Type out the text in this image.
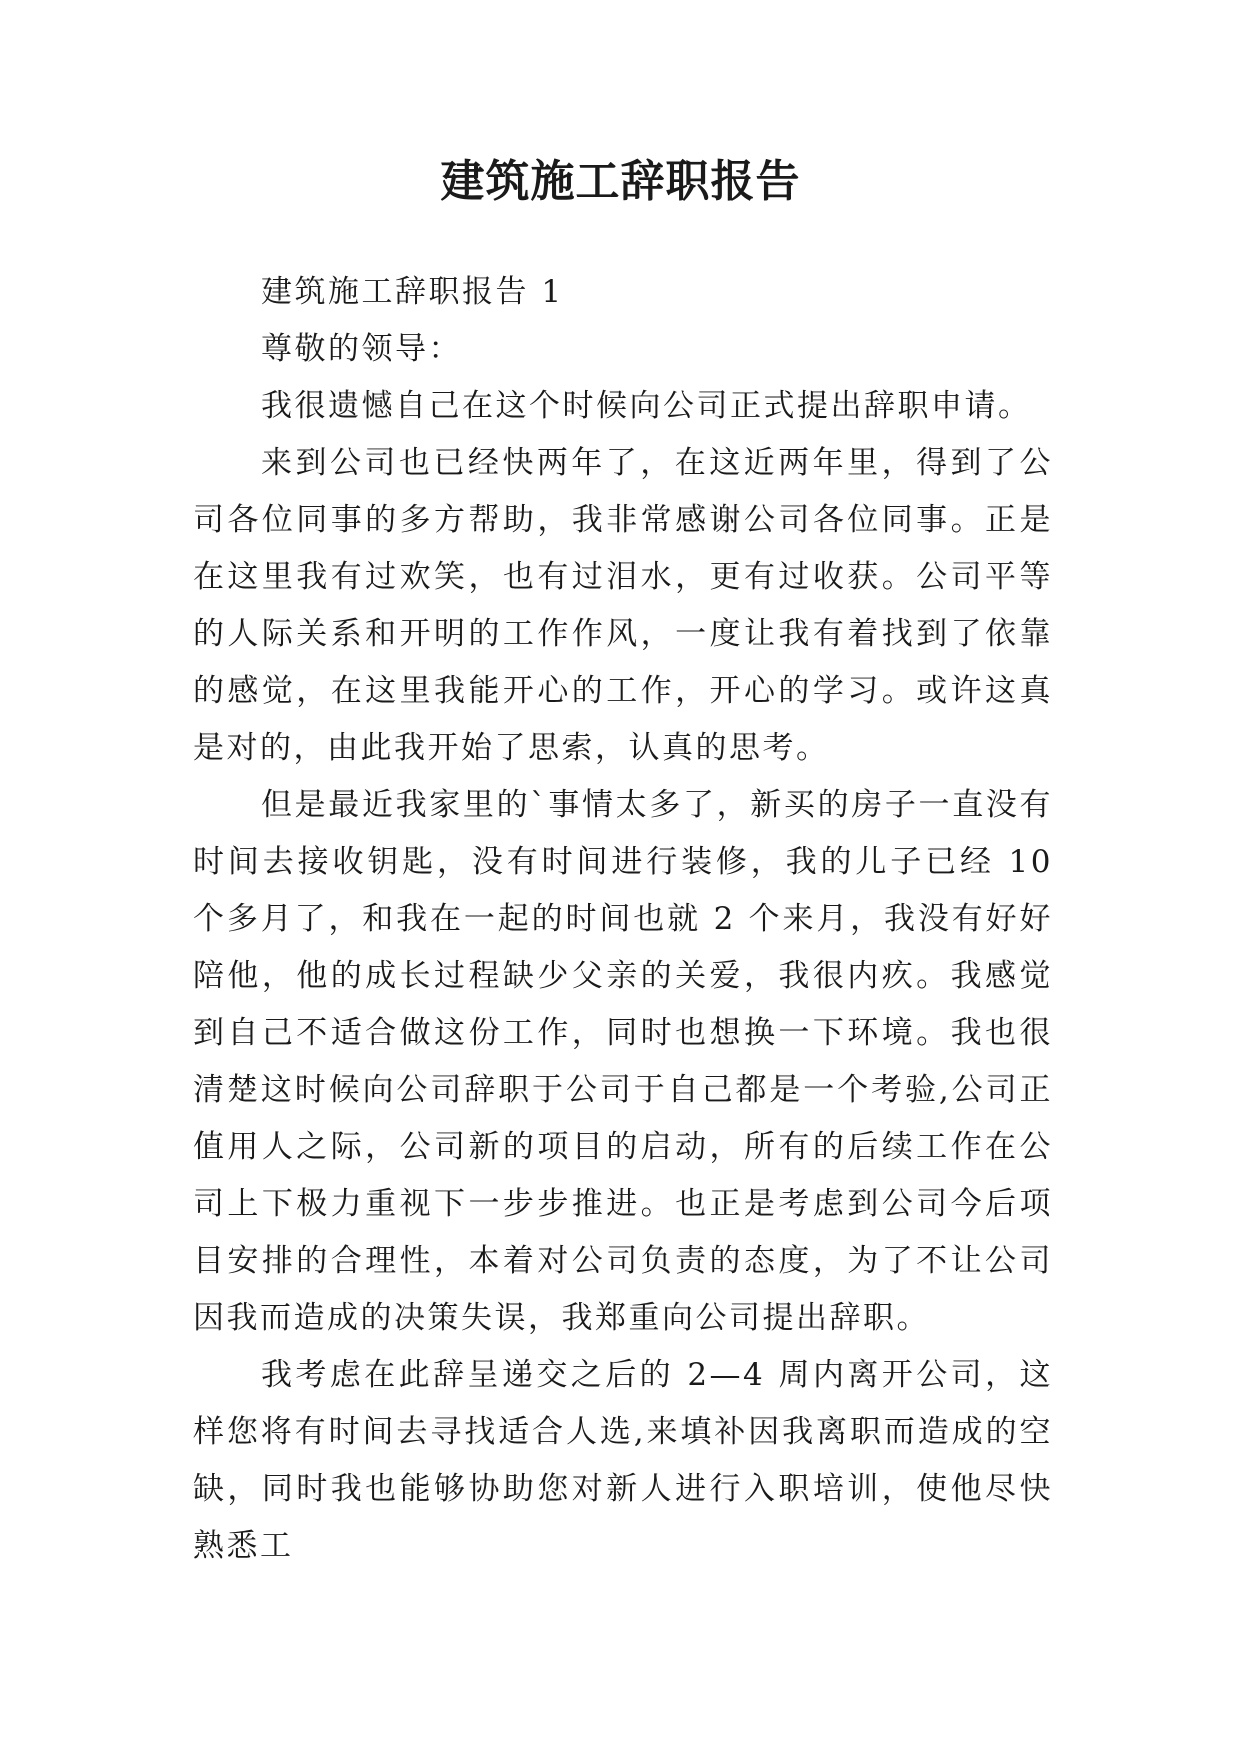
建筑施工辞职报告

建筑施工辞职报告 1

尊敬的领导：

我很遗憾自己在这个时候向公司正式提出辞职申请。

来到公司也已经快两年了，在这近两年里，得到了公司各位同事的多方帮助，我非常感谢公司各位同事。正是在这里我有过欢笑，也有过泪水，更有过收获。公司平等的人际关系和开明的工作作风，一度让我有着找到了依靠的感觉，在这里我能开心的工作，开心的学习。或许这真是对的，由此我开始了思索，认真的思考。

但是最近我家里的`事情太多了，新买的房子一直没有时间去接收钥匙，没有时间进行装修，我的儿子已经 10 个多月了，和我在一起的时间也就 2 个来月，我没有好好陪他，他的成长过程缺少父亲的关爱，我很内疚。我感觉到自己不适合做这份工作，同时也想换一下环境。我也很清楚这时候向公司辞职于公司于自己都是一个考验,公司正值用人之际，公司新的项目的启动，所有的后续工作在公司上下极力重视下一步步推进。也正是考虑到公司今后项目安排的合理性，本着对公司负责的态度，为了不让公司因我而造成的决策失误，我郑重向公司提出辞职。

我考虑在此辞呈递交之后的 2—4 周内离开公司，这样您将有时间去寻找适合人选,来填补因我离职而造成的空缺，同时我也能够协助您对新人进行入职培训，使他尽快熟悉工
